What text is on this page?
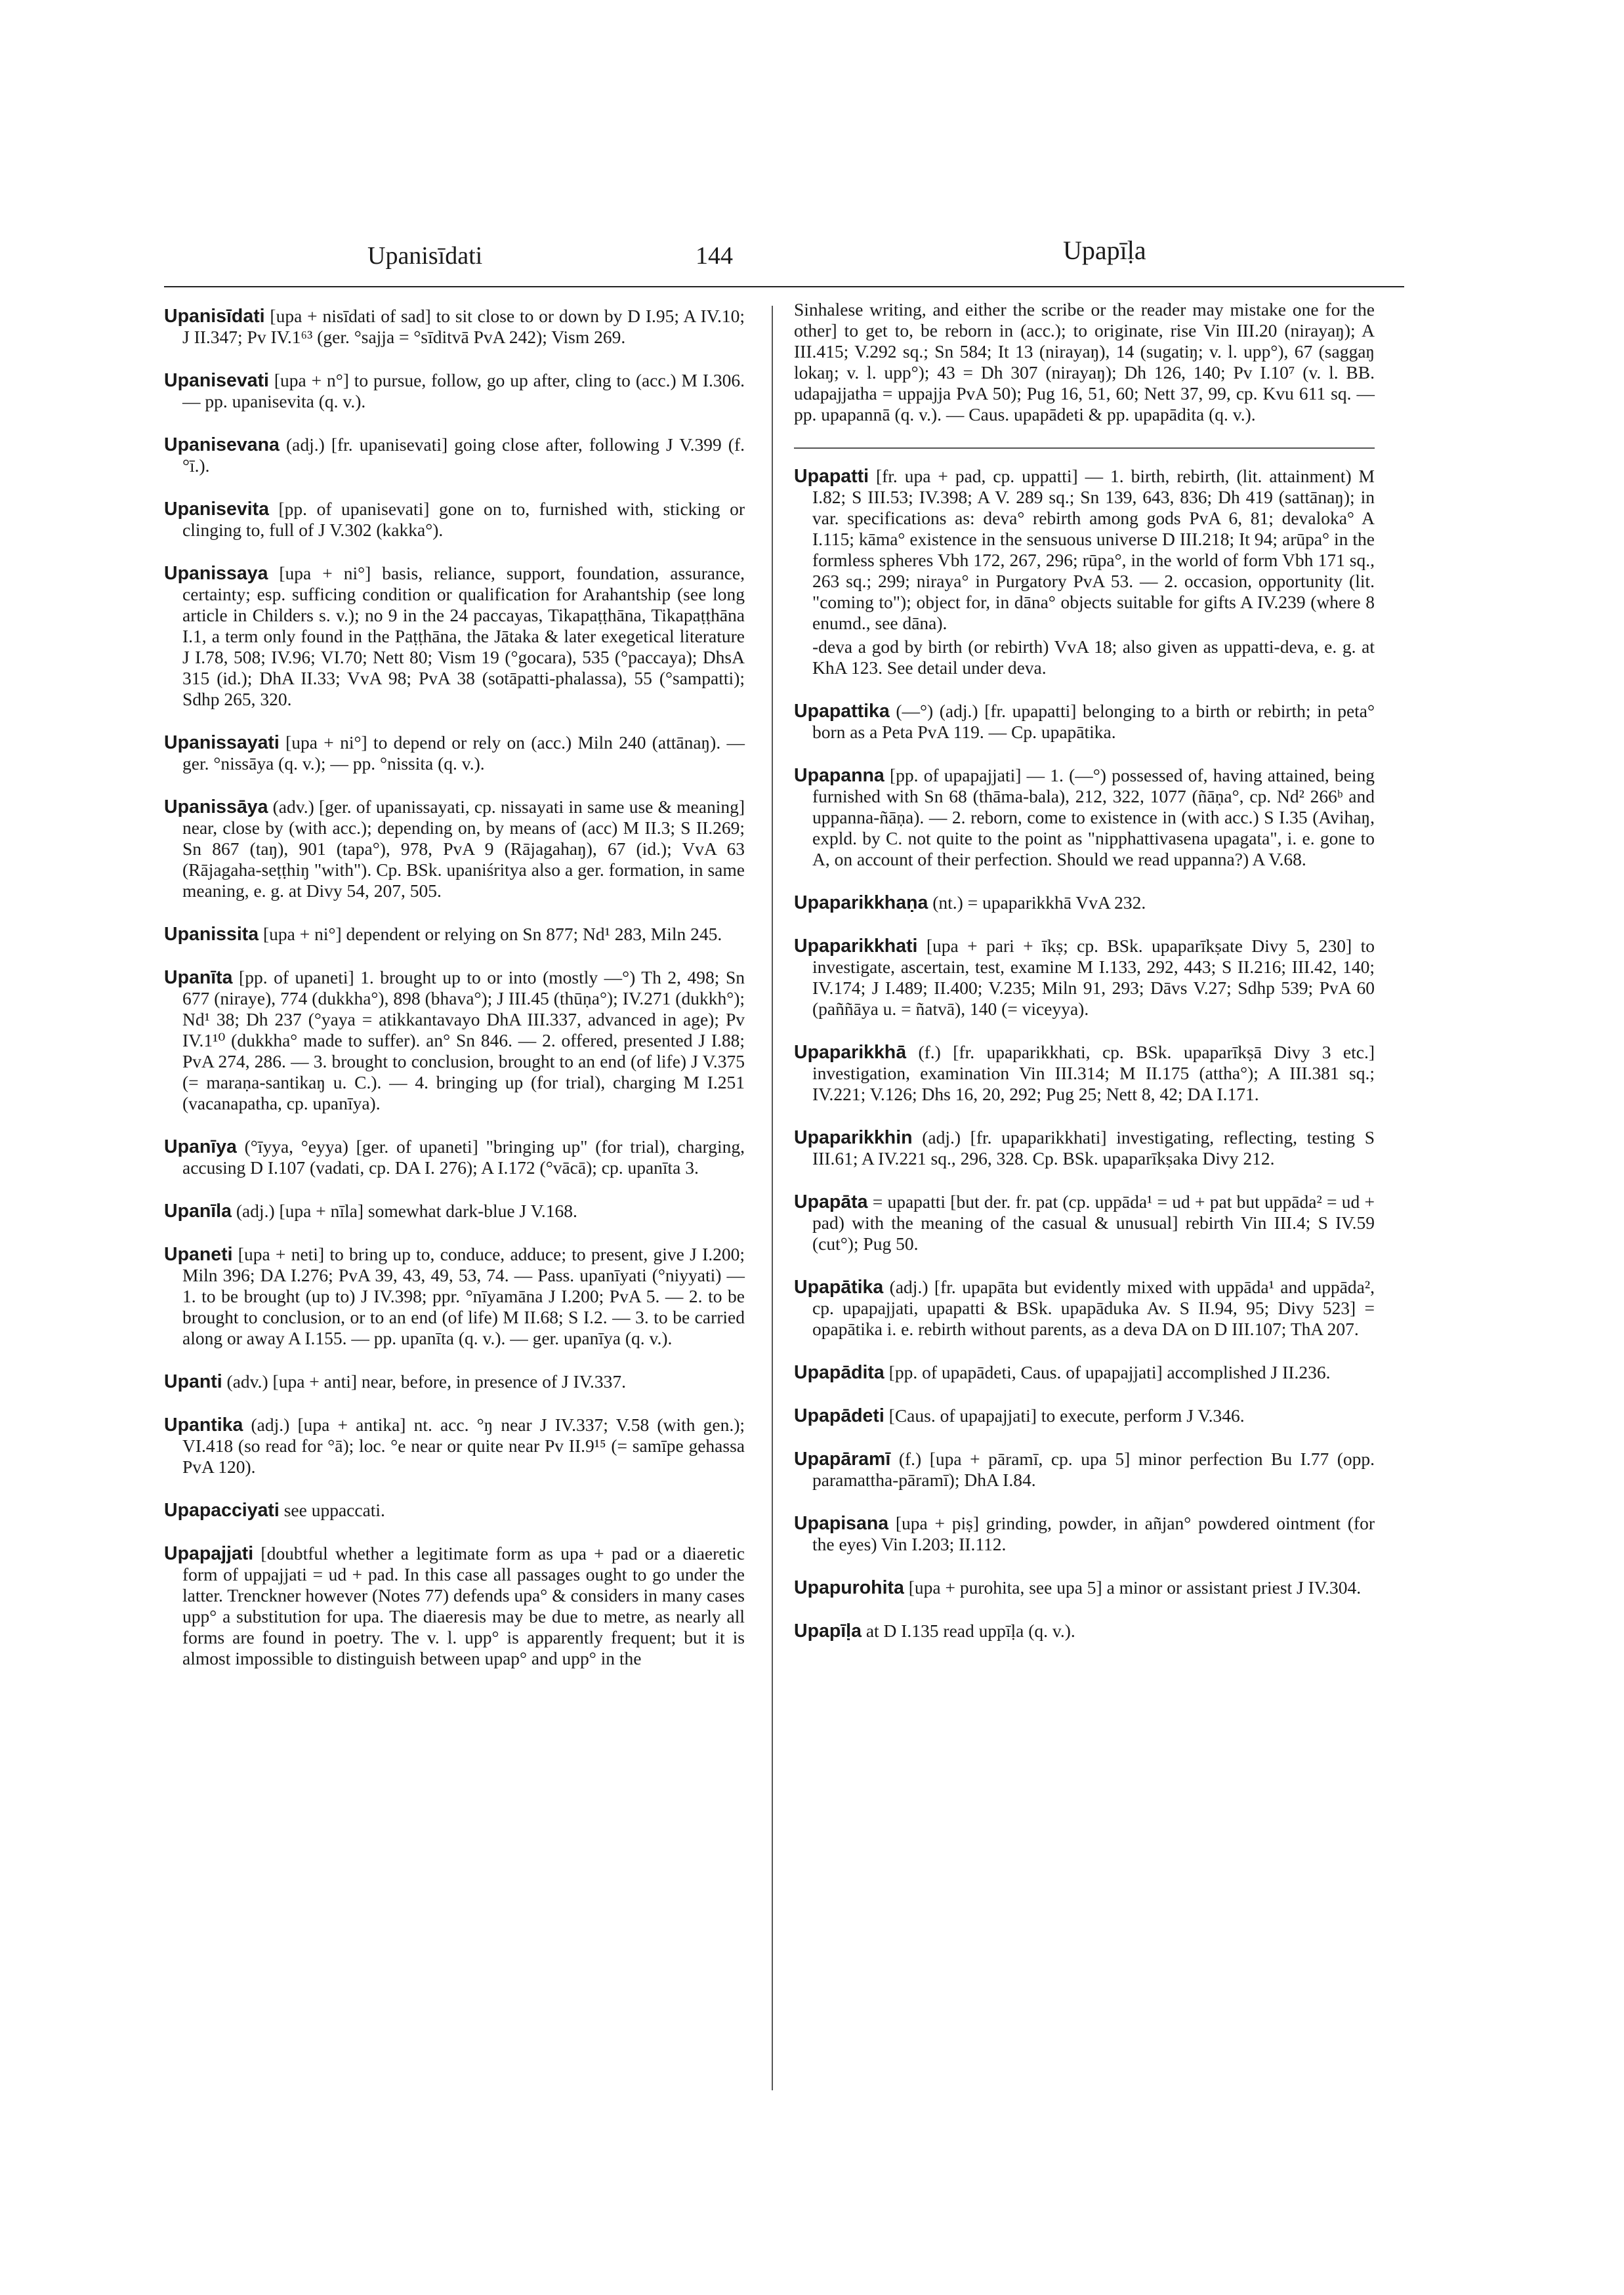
Upanisīdati	144	Upapīḷa

Upanisīdati [upa + nisīdati of sad] to sit close to or down by D I.95; A IV.10; J II.347; Pv IV.1⁶³ (ger. °sajja = °sīditvā PvA 242); Vism 269.

Upanisevati [upa + n°] to pursue, follow, go up after, cling to (acc.) M I.306. — pp. upanisevita (q. v.).

Upanisevana (adj.) [fr. upanisevati] going close after, following J V.399 (f. °ī.).

Upanisevita [pp. of upanisevati] gone on to, furnished with, sticking or clinging to, full of J V.302 (kakka°).

Upanissaya [upa + ni°] basis, reliance, support, foundation, assurance, certainty; esp. sufficing condition or qualification for Arahantship (see long article in Childers s. v.); no 9 in the 24 paccayas, Tikapaṭṭhāna, Tikapaṭṭhāna I.1, a term only found in the Paṭṭhāna, the Jātaka & later exegetical literature J I.78, 508; IV.96; VI.70; Nett 80; Vism 19 (°gocara), 535 (°paccaya); DhsA 315 (id.); DhA II.33; VvA 98; PvA 38 (sotāpatti-phalassa), 55 (°sampatti); Sdhp 265, 320.

Upanissayati [upa + ni°] to depend or rely on (acc.) Miln 240 (attānaŋ). — ger. °nissāya (q. v.); — pp. °nissita (q. v.).

Upanissāya (adv.) [ger. of upanissayati, cp. nissayati in same use & meaning] near, close by (with acc.); depending on, by means of (acc) M II.3; S II.269; Sn 867 (taŋ), 901 (tapa°), 978, PvA 9 (Rājagahaŋ), 67 (id.); VvA 63 (Rājagaha-seṭṭhiŋ "with"). Cp. BSk. upaniśritya also a ger. formation, in same meaning, e. g. at Divy 54, 207, 505.

Upanissita [upa + ni°] dependent or relying on Sn 877; Nd¹ 283, Miln 245.

Upanīta [pp. of upaneti] 1. brought up to or into (mostly —°) Th 2, 498; Sn 677 (niraye), 774 (dukkha°), 898 (bhava°); J III.45 (thūṇa°); IV.271 (dukkh°); Nd¹ 38; Dh 237 (°yaya = atikkantavayo DhA III.337, advanced in age); Pv IV.1¹⁰ (dukkha° made to suffer). an° Sn 846. — 2. offered, presented J I.88; PvA 274, 286. — 3. brought to conclusion, brought to an end (of life) J V.375 (= maraṇa-santikaŋ u. C.). — 4. bringing up (for trial), charging M I.251 (vacanapatha, cp. upanīya).

Upanīya (°īyya, °eyya) [ger. of upaneti] "bringing up" (for trial), charging, accusing D I.107 (vadati, cp. DA I. 276); A I.172 (°vācā); cp. upanīta 3.

Upanīla (adj.) [upa + nīla] somewhat dark-blue J V.168.

Upaneti [upa + neti] to bring up to, conduce, adduce; to present, give J I.200; Miln 396; DA I.276; PvA 39, 43, 49, 53, 74. — Pass. upanīyati (°niyyati) — 1. to be brought (up to) J IV.398; ppr. °nīyamāna J I.200; PvA 5. — 2. to be brought to conclusion, or to an end (of life) M II.68; S I.2. — 3. to be carried along or away A I.155. — pp. upanīta (q. v.). — ger. upanīya (q. v.).

Upanti (adv.) [upa + anti] near, before, in presence of J IV.337.

Upantika (adj.) [upa + antika] nt. acc. °ŋ near J IV.337; V.58 (with gen.); VI.418 (so read for °ā); loc. °e near or quite near Pv II.9¹⁵ (= samīpe gehassa PvA 120).

Upapacciyati see uppaccati.

Upapajjati [doubtful whether a legitimate form as upa + pad or a diaeretic form of uppajjati = ud + pad. In this case all passages ought to go under the latter. Trenckner however (Notes 77) defends upa° & considers in many cases upp° a substitution for upa. The diaeresis may be due to metre, as nearly all forms are found in poetry. The v. l. upp° is apparently frequent; but it is almost impossible to distinguish between upap° and upp° in the

Sinhalese writing, and either the scribe or the reader may mistake one for the other] to get to, be reborn in (acc.); to originate, rise Vin III.20 (nirayaŋ); A III.415; V.292 sq.; Sn 584; It 13 (nirayaŋ), 14 (sugatiŋ; v. l. upp°), 67 (saggaŋ lokaŋ; v. l. upp°); 43 = Dh 307 (nirayaŋ); Dh 126, 140; Pv I.10⁷ (v. l. BB. udapajjatha = uppajja PvA 50); Pug 16, 51, 60; Nett 37, 99, cp. Kvu 611 sq. — pp. upapannā (q. v.). — Caus. upapādeti & pp. upapādita (q. v.).

Upapatti [fr. upa + pad, cp. uppatti] — 1. birth, rebirth, (lit. attainment) M I.82; S III.53; IV.398; A V. 289 sq.; Sn 139, 643, 836; Dh 419 (sattānaŋ); in var. specifications as: deva° rebirth among gods PvA 6, 81; devaloka° A I.115; kāma° existence in the sensuous universe D III.218; It 94; arūpa° in the formless spheres Vbh 172, 267, 296; rūpa°, in the world of form Vbh 171 sq., 263 sq.; 299; niraya° in Purgatory PvA 53. — 2. occasion, opportunity (lit. "coming to"); object for, in dāna° objects suitable for gifts A IV.239 (where 8 enumd., see dāna).
-deva a god by birth (or rebirth) VvA 18; also given as uppatti-deva, e. g. at KhA 123. See detail under deva.

Upapattika (—°) (adj.) [fr. upapatti] belonging to a birth or rebirth; in peta° born as a Peta PvA 119. — Cp. upapātika.

Upapanna [pp. of upapajjati] — 1. (—°) possessed of, having attained, being furnished with Sn 68 (thāma-bala), 212, 322, 1077 (ñāṇa°, cp. Nd² 266ᵇ and uppanna-ñāṇa). — 2. reborn, come to existence in (with acc.) S I.35 (Avihaŋ, expld. by C. not quite to the point as "nipphattivasena upagata", i. e. gone to A, on account of their perfection. Should we read uppanna?) A V.68.

Upaparikkhaṇa (nt.) = upaparikkhā VvA 232.

Upaparikkhati [upa + pari + īkṣ; cp. BSk. upaparīkṣate Divy 5, 230] to investigate, ascertain, test, examine M I.133, 292, 443; S II.216; III.42, 140; IV.174; J I.489; II.400; V.235; Miln 91, 293; Dāvs V.27; Sdhp 539; PvA 60 (paññāya u. = ñatvā), 140 (= viceyya).

Upaparikkhā (f.) [fr. upaparikkhati, cp. BSk. upaparīkṣā Divy 3 etc.] investigation, examination Vin III.314; M II.175 (attha°); A III.381 sq.; IV.221; V.126; Dhs 16, 20, 292; Pug 25; Nett 8, 42; DA I.171.

Upaparikkhin (adj.) [fr. upaparikkhati] investigating, reflecting, testing S III.61; A IV.221 sq., 296, 328. Cp. BSk. upaparīkṣaka Divy 212.

Upapāta = upapatti [but der. fr. pat (cp. uppāda¹ = ud + pat but uppāda² = ud + pad) with the meaning of the casual & unusual] rebirth Vin III.4; S IV.59 (cut°); Pug 50.

Upapātika (adj.) [fr. upapāta but evidently mixed with uppāda¹ and uppāda², cp. upapajjati, upapatti & BSk. upapāduka Av. S II.94, 95; Divy 523] = opapātika i. e. rebirth without parents, as a deva DA on D III.107; ThA 207.

Upapādita [pp. of upapādeti, Caus. of upapajjati] accomplished J II.236.

Upapādeti [Caus. of upapajjati] to execute, perform J V.346.

Upapāramī (f.) [upa + pāramī, cp. upa 5] minor perfection Bu I.77 (opp. paramattha-pāramī); DhA I.84.

Upapisana [upa + piṣ] grinding, powder, in añjan° powdered ointment (for the eyes) Vin I.203; II.112.

Upapurohita [upa + purohita, see upa 5] a minor or assistant priest J IV.304.

Upapīḷa at D I.135 read uppīḷa (q. v.).
